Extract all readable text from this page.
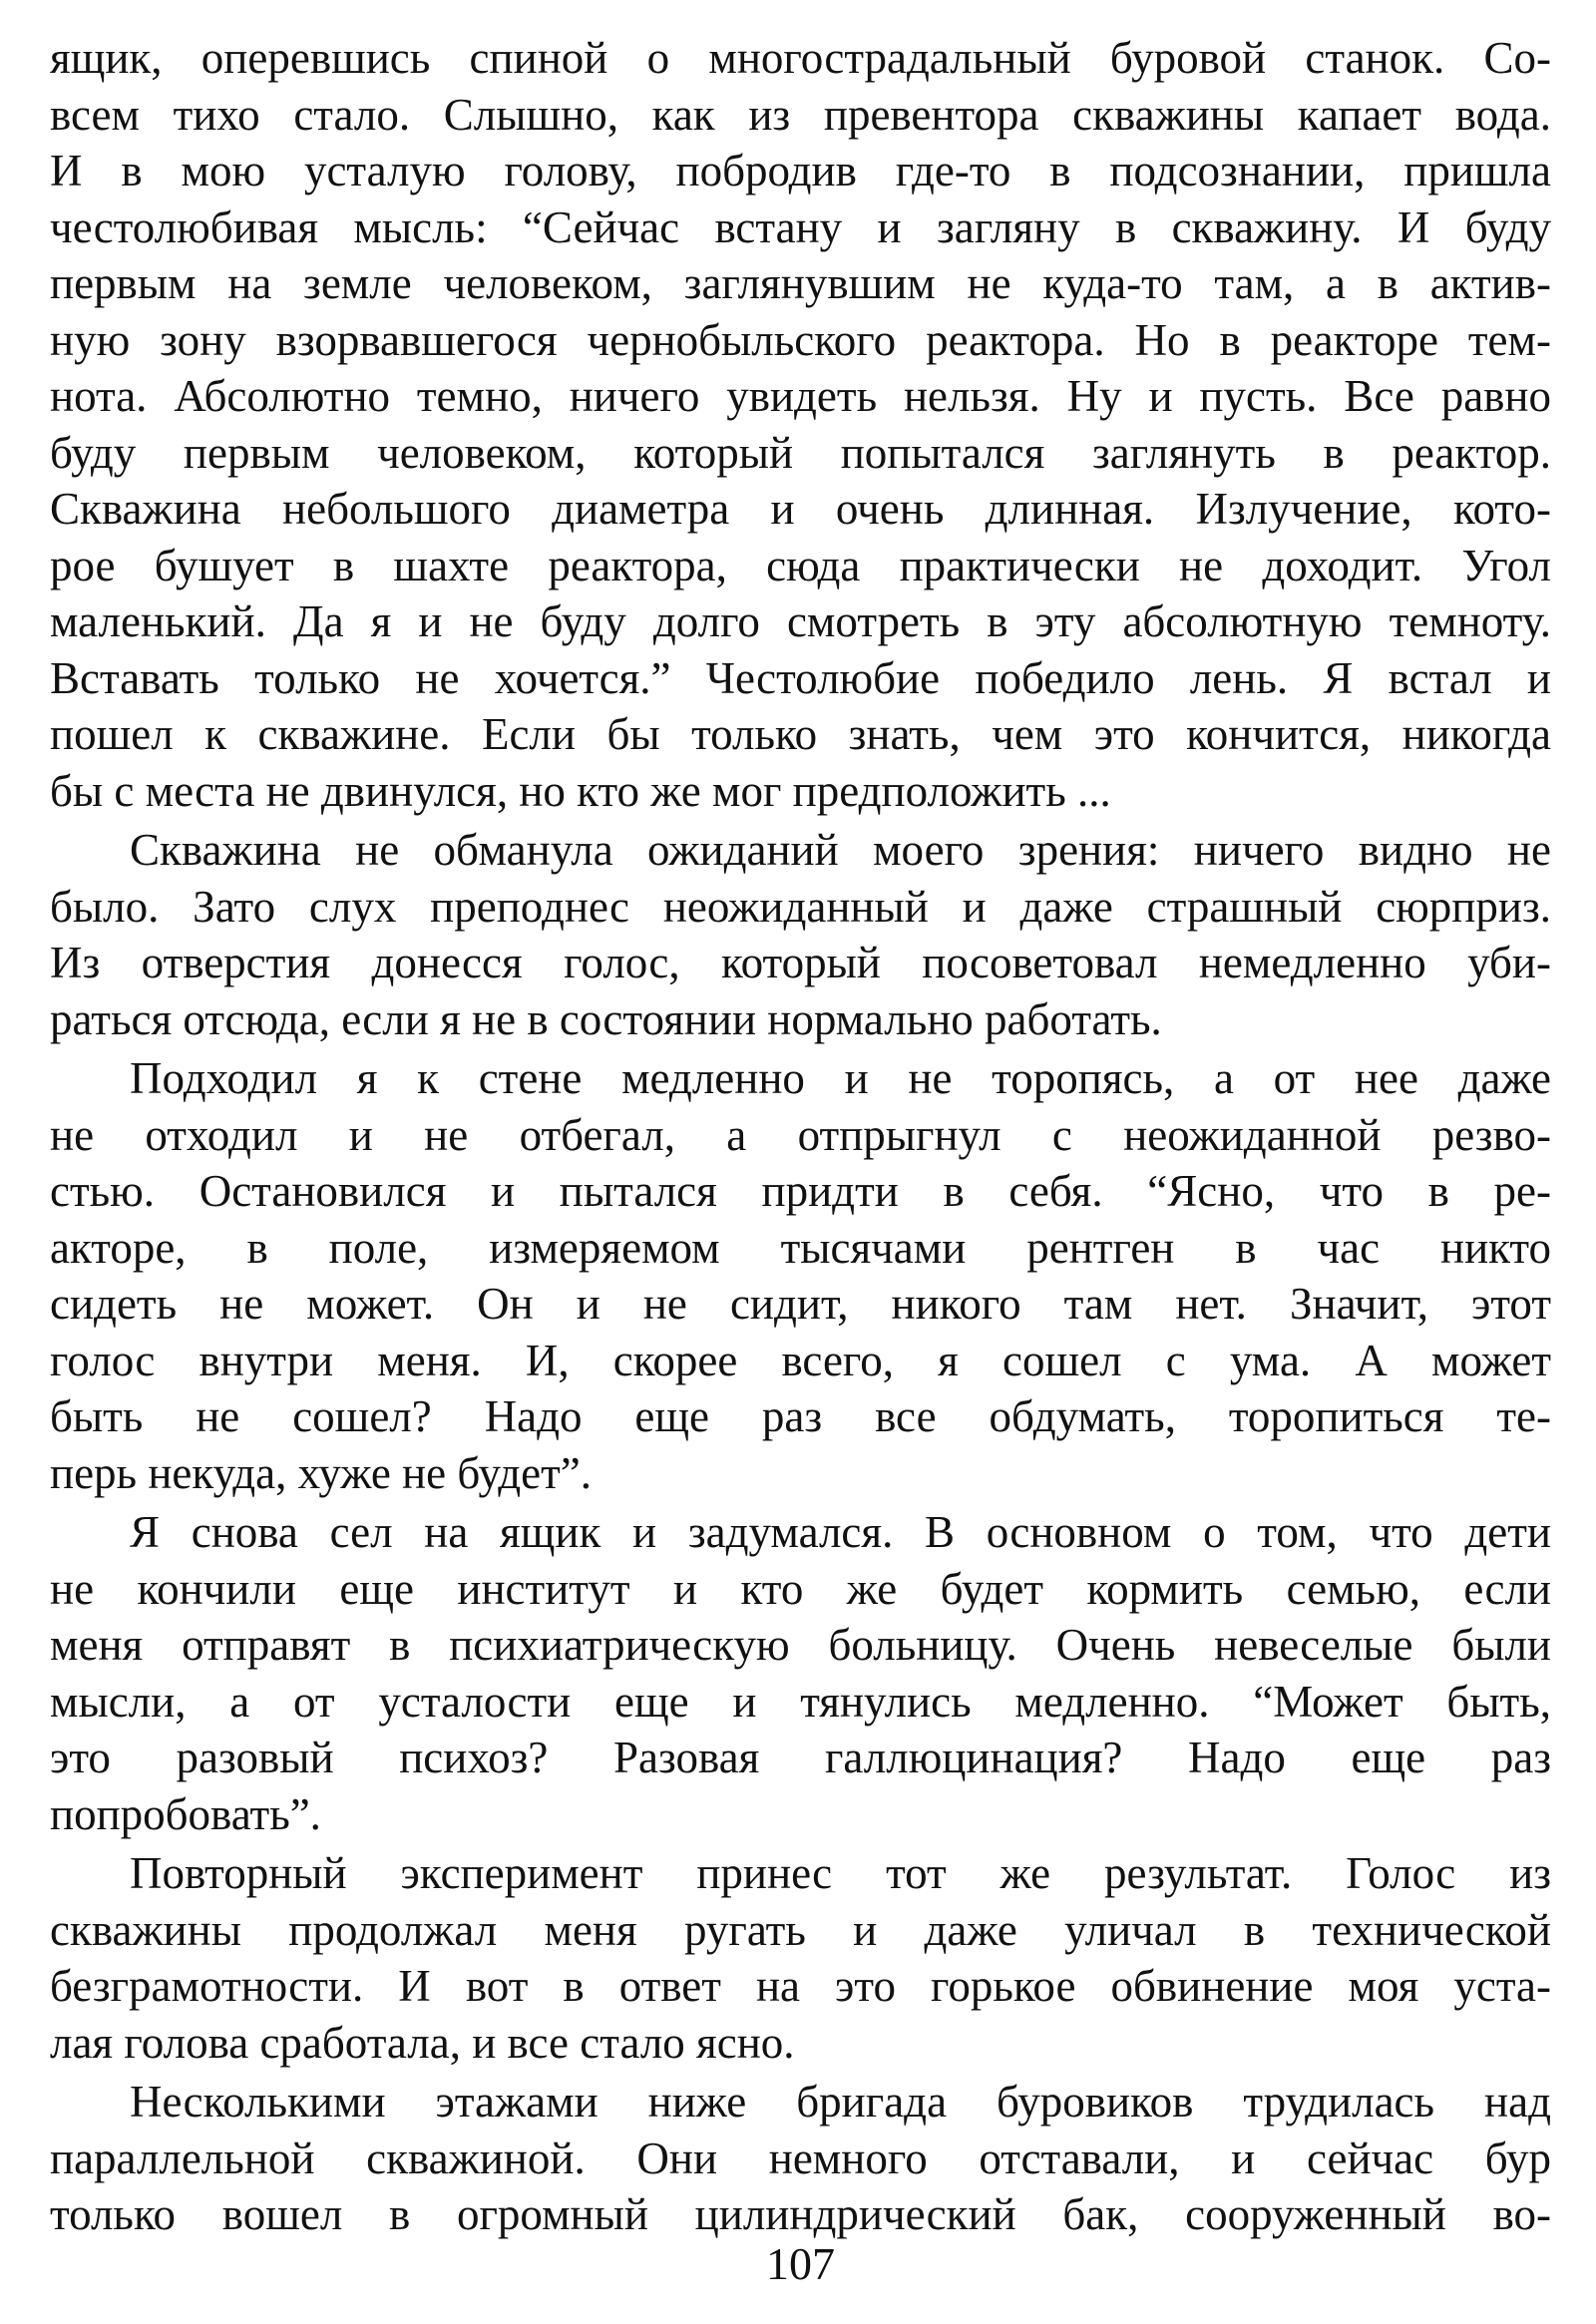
ящик, оперевшись спиной о многострадальный буровой станок. Со-
всем тихо стало. Слышно, как из превентора скважины капает вода.
И в мою усталую голову, побродив где-то в подсознании, пришла
честолюбивая мысль: “Сейчас встану и загляну в скважину. И буду
первым на земле человеком, заглянувшим не куда-то там, а в актив-
ную зону взорвавшегося чернобыльского реактора. Но в реакторе тем-
нота. Абсолютно темно, ничего увидеть нельзя. Ну и пусть. Все равно
буду первым человеком, который попытался заглянуть в реактор.
Скважина небольшого диаметра и очень длинная. Излучение, кото-
рое бушует в шахте реактора, сюда практически не доходит. Угол
маленький. Да я и не буду долго смотреть в эту абсолютную темноту.
Вставать только не хочется.” Честолюбие победило лень. Я встал и
пошел к скважине. Если бы только знать, чем это кончится, никогда
бы с места не двинулся, но кто же мог предположить ...
Скважина не обманула ожиданий моего зрения: ничего видно не
было. Зато слух преподнес неожиданный и даже страшный сюрприз.
Из отверстия донесся голос, который посоветовал немедленно уби-
раться отсюда, если я не в состоянии нормально работать.
Подходил я к стене медленно и не торопясь, а от нее даже
не отходил и не отбегал, а отпрыгнул с неожиданной резво-
стью. Остановился и пытался придти в себя. “Ясно, что в ре-
акторе, в поле, измеряемом тысячами рентген в час никто
сидеть не может. Он и не сидит, никого там нет. Значит, этот
голос внутри меня. И, скорее всего, я сошел с ума. А может
быть не сошел? Надо еще раз все обдумать, торопиться те-
перь некуда, хуже не будет”.
Я снова сел на ящик и задумался. В основном о том, что дети
не кончили еще институт и кто же будет кормить семью, если
меня отправят в психиатрическую больницу. Очень невеселые были
мысли, а от усталости еще и тянулись медленно. “Может быть,
это разовый психоз? Разовая галлюцинация? Надо еще раз
попробовать”.
Повторный эксперимент принес тот же результат. Голос из
скважины продолжал меня ругать и даже уличал в технической
безграмотности. И вот в ответ на это горькое обвинение моя уста-
лая голова сработала, и все стало ясно.
Несколькими этажами ниже бригада буровиков трудилась над
параллельной скважиной. Они немного отставали, и сейчас бур
только вошел в огромный цилиндрический бак, сооруженный во-
107
